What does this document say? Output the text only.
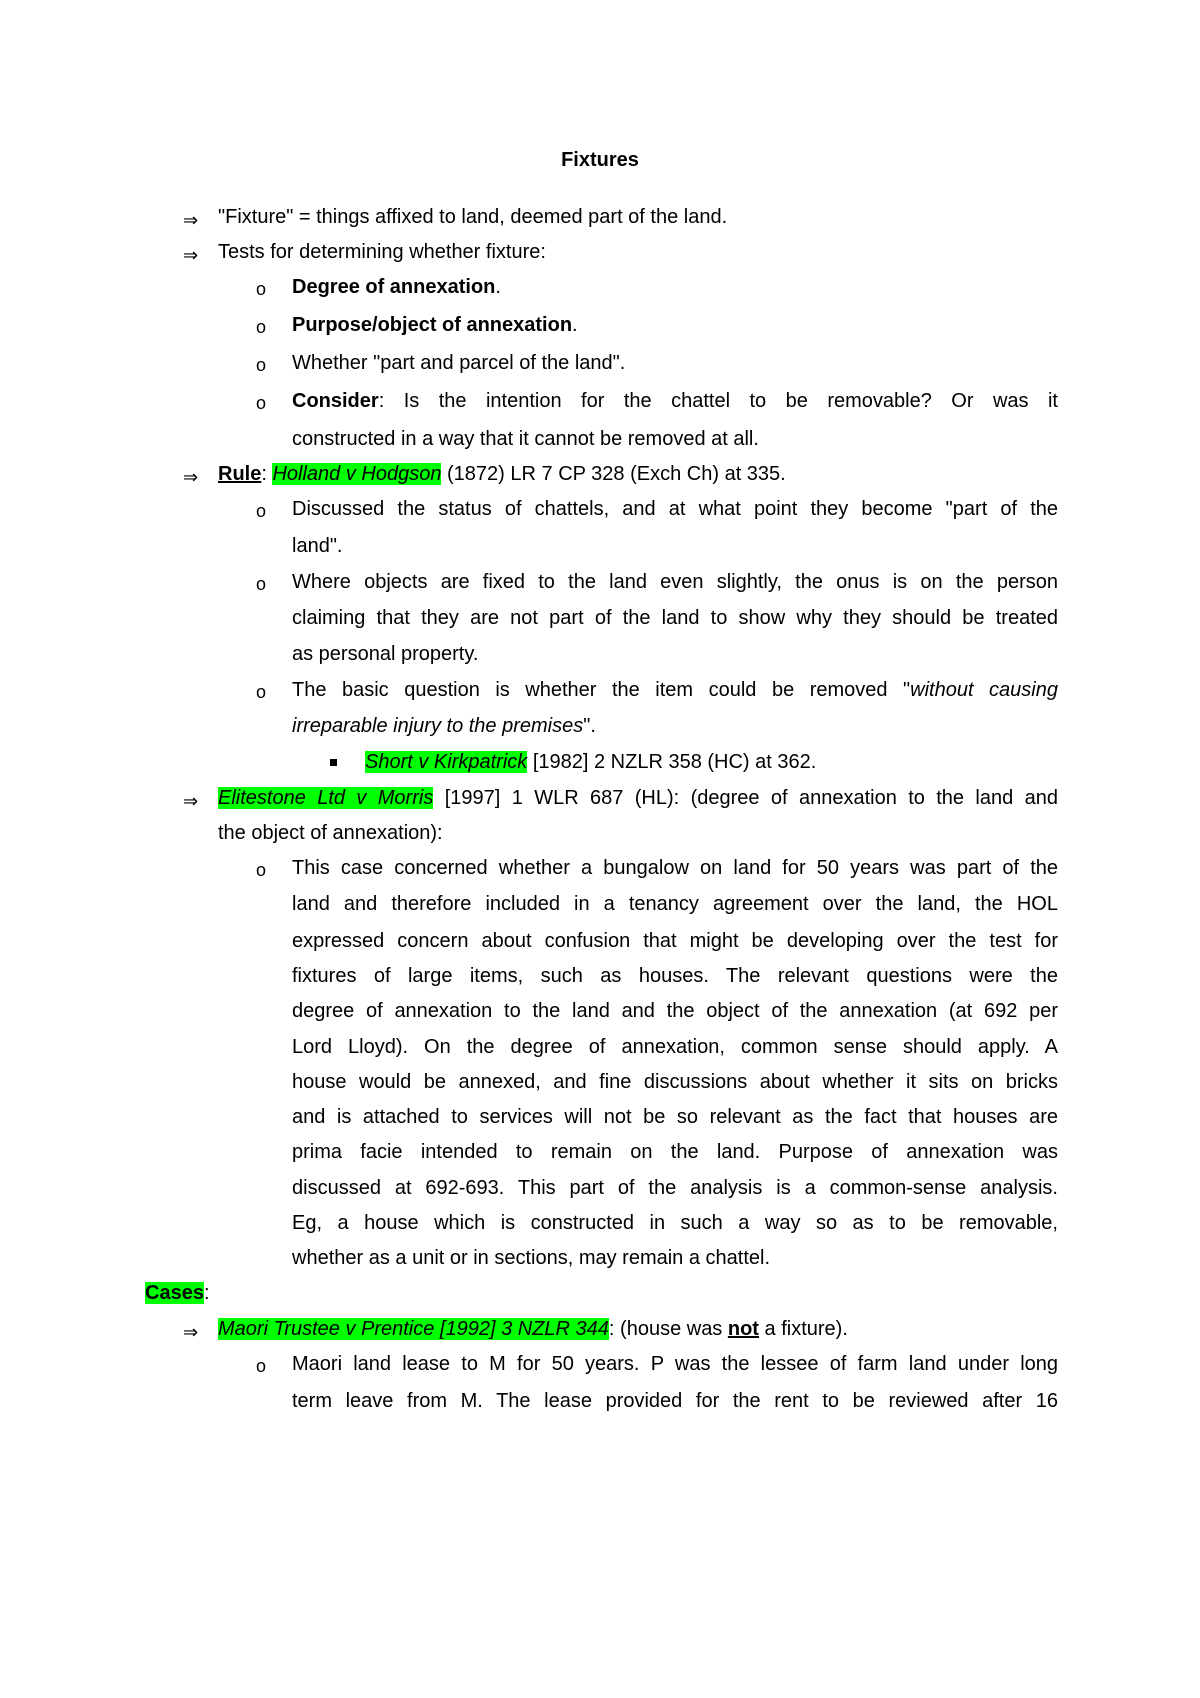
Fixtures
⇒ "Fixture" = things affixed to land, deemed part of the land.
⇒ Tests for determining whether fixture:
o Degree of annexation.
o Purpose/object of annexation.
o Whether "part and parcel of the land".
o Consider: Is the intention for the chattel to be removable? Or was it
constructed in a way that it cannot be removed at all.
⇒ Rule: Holland v Hodgson (1872) LR 7 CP 328 (Exch Ch) at 335.
o Discussed the status of chattels, and at what point they become "part of the
land".
o Where objects are fixed to the land even slightly, the onus is on the person
claiming that they are not part of the land to show why they should be treated
as personal property.
o The basic question is whether the item could be removed "without causing
irreparable injury to the premises".
Short v Kirkpatrick [1982] 2 NZLR 358 (HC) at 362.
⇒ Elitestone Ltd v Morris [1997] 1 WLR 687 (HL): (degree of annexation to the land and
the object of annexation):
o This case concerned whether a bungalow on land for 50 years was part of the
land and therefore included in a tenancy agreement over the land, the HOL
expressed concern about confusion that might be developing over the test for
fixtures of large items, such as houses. The relevant questions were the
degree of annexation to the land and the object of the annexation (at 692 per
Lord Lloyd). On the degree of annexation, common sense should apply. A
house would be annexed, and fine discussions about whether it sits on bricks
and is attached to services will not be so relevant as the fact that houses are
prima facie intended to remain on the land. Purpose of annexation was
discussed at 692-693. This part of the analysis is a common-sense analysis.
Eg, a house which is constructed in such a way so as to be removable,
whether as a unit or in sections, may remain a chattel.
Cases:
⇒ Maori Trustee v Prentice [1992] 3 NZLR 344: (house was not a fixture).
o Maori land lease to M for 50 years. P was the lessee of farm land under long
term leave from M. The lease provided for the rent to be reviewed after 16
